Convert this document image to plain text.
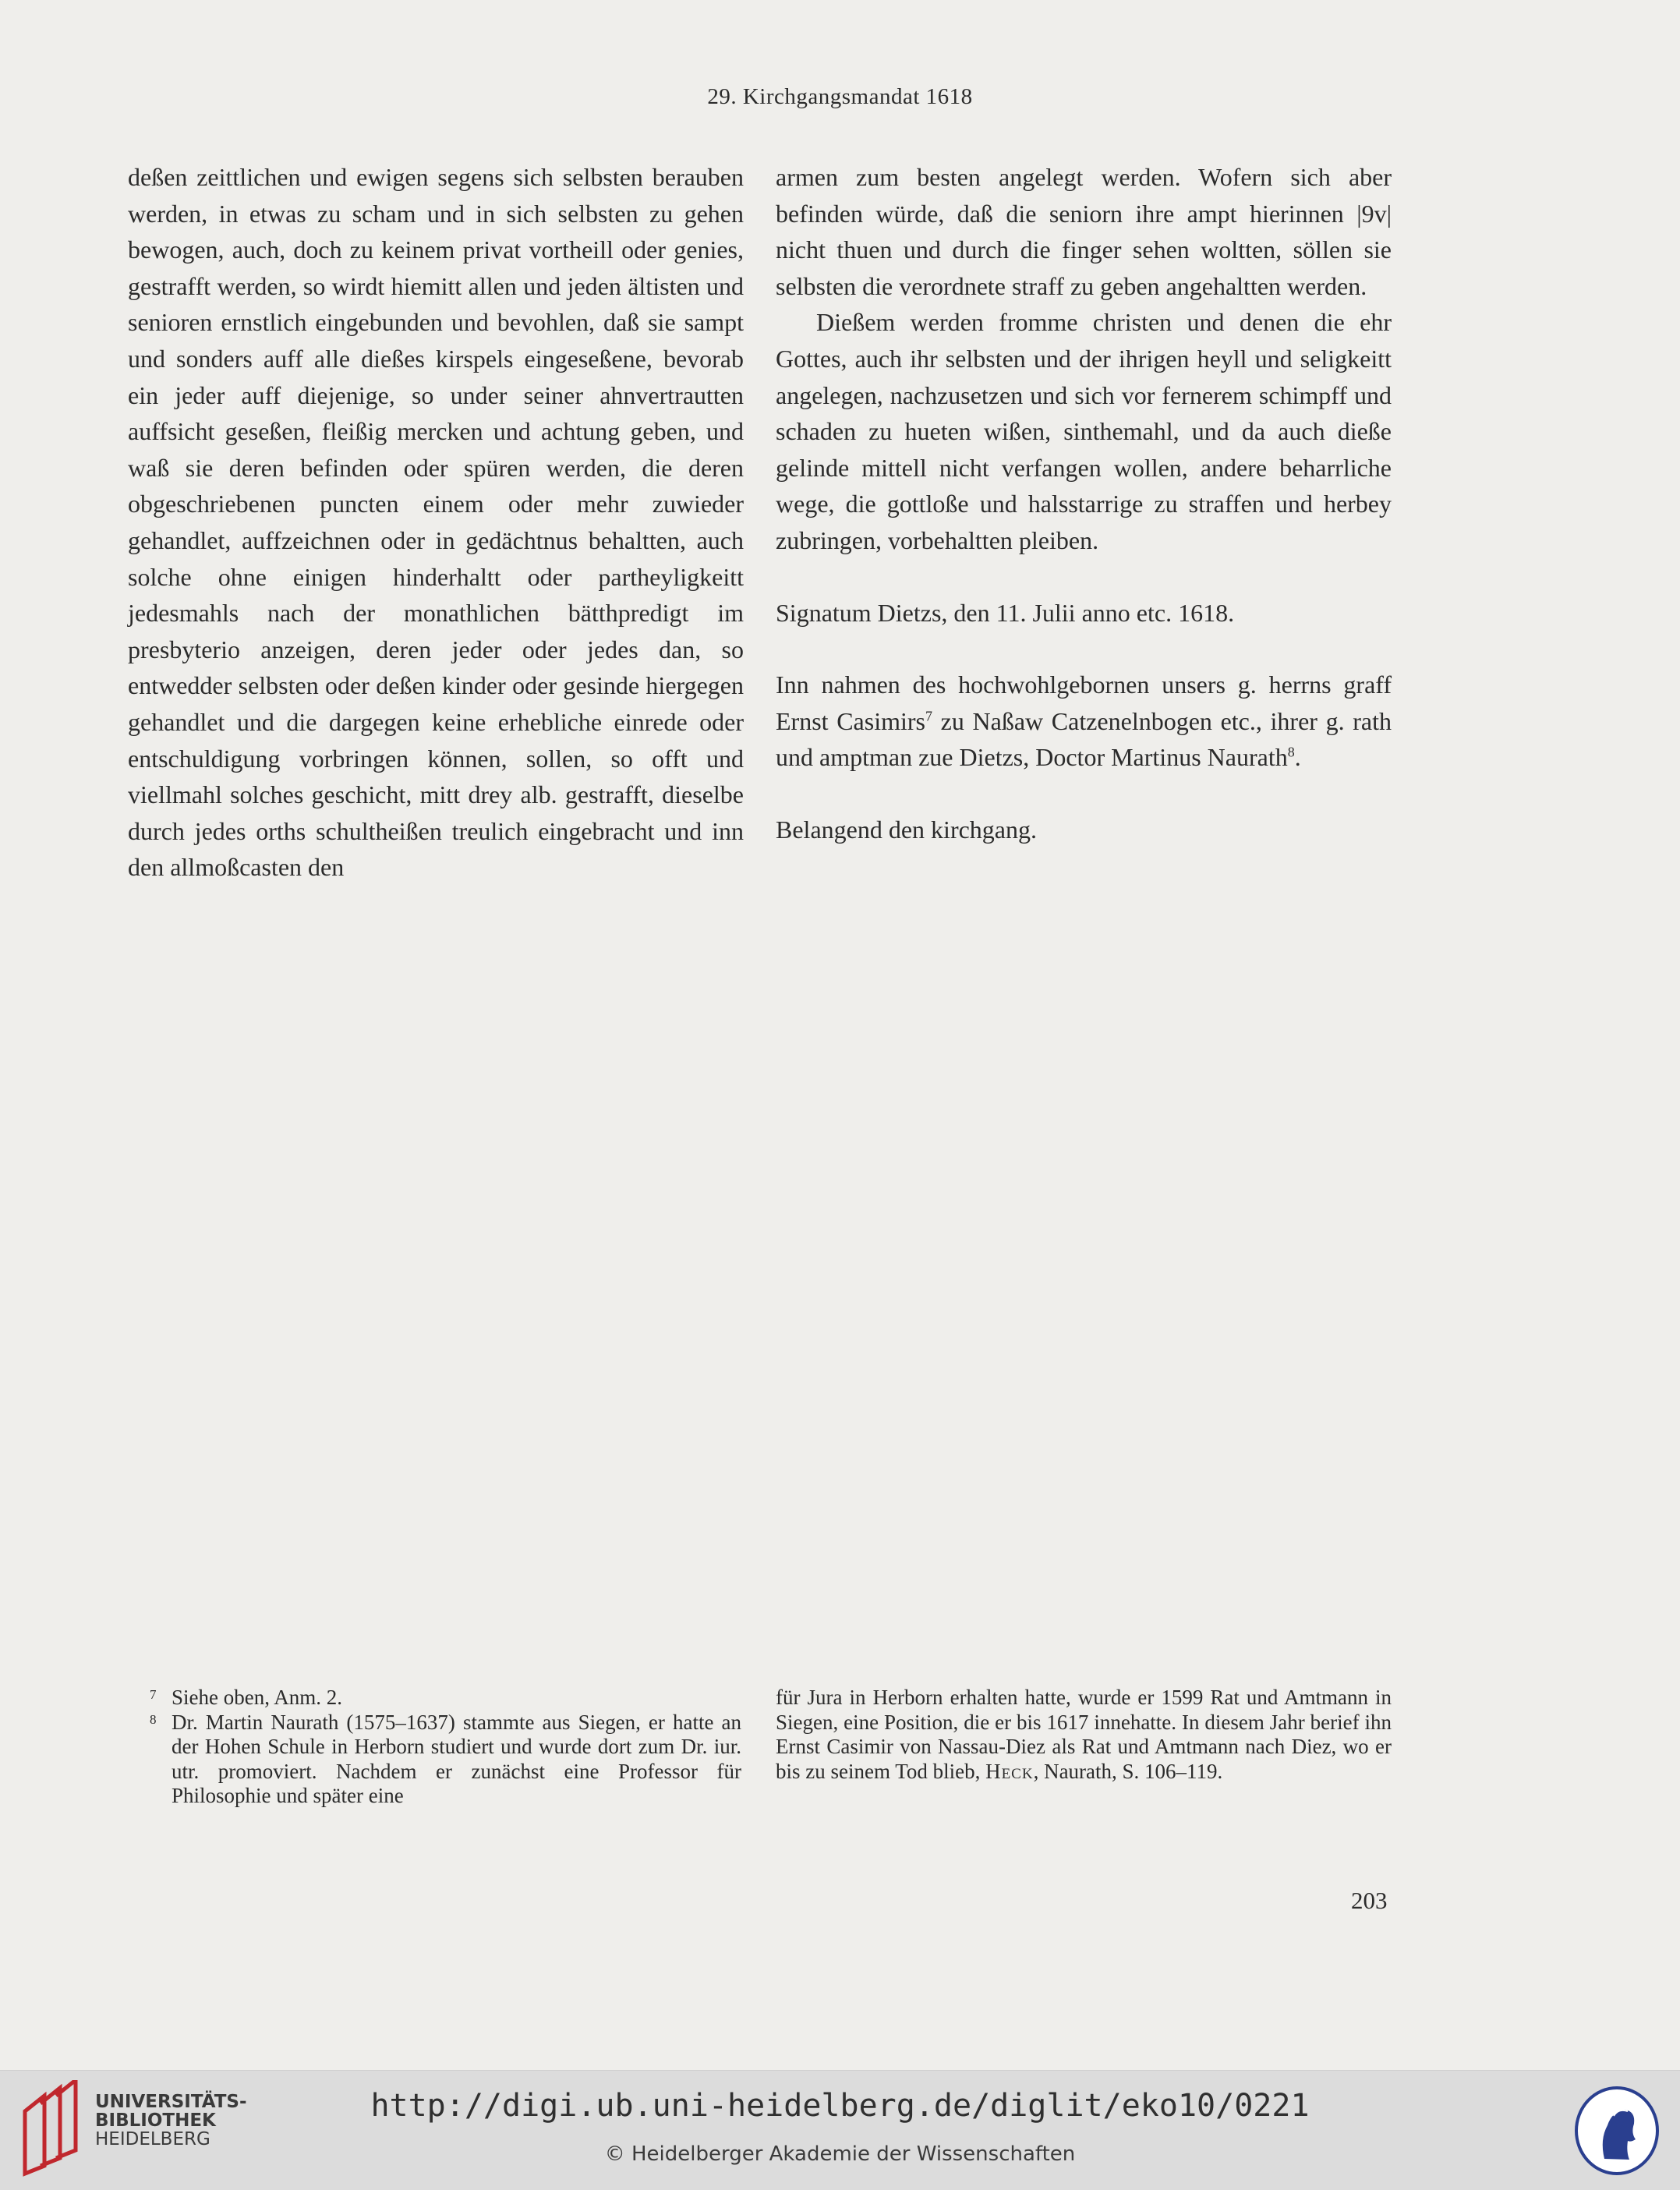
29. Kirchgangsmandat 1618

deßen zeittlichen und ewigen segens sich selbsten berauben werden, in etwas zu scham und in sich selbsten zu gehen bewogen, auch, doch zu keinem privat vortheill oder genies, gestrafft werden, so wirdt hiemitt allen und jeden ältisten und senioren ernstlich eingebunden und bevohlen, daß sie sampt und sonders auff alle dießes kirspels eingeseßene, bevorab ein jeder auff diejenige, so under seiner ahnvertrautten auffsicht geseßen, fleißig mercken und achtung geben, und waß sie deren befinden oder spüren werden, die deren obgeschriebenen puncten einem oder mehr zuwieder gehandlet, auffzeichnen oder in gedächtnus behaltten, auch solche ohne einigen hinderhaltt oder partheyligkeitt jedesmahls nach der monathlichen bätthpredigt im presbyterio anzeigen, deren jeder oder jedes dan, so entwedder selbsten oder deßen kinder oder gesinde hiergegen gehandlet und die dargegen keine erhebliche einrede oder entschuldigung vorbringen können, sollen, so offt und viellmahl solches geschicht, mitt drey alb. gestrafft, dieselbe durch jedes orths schultheißen treulich eingebracht und inn den allmoßcasten den

armen zum besten angelegt werden. Wofern sich aber befinden würde, daß die seniorn ihre ampt hierinnen |9v| nicht thuen und durch die finger sehen woltten, söllen sie selbsten die verordnete straff zu geben angehaltten werden.

Dießem werden fromme christen und denen die ehr Gottes, auch ihr selbsten und der ihrigen heyll und seligkeitt angelegen, nachzusetzen und sich vor fernerem schimpff und schaden zu hueten wißen, sinthemahl, und da auch dieße gelinde mittell nicht verfangen wollen, andere beharrliche wege, die gottloße und halsstarrige zu straffen und herbey zubringen, vorbehaltten pleiben.

Signatum Dietzs, den 11. Julii anno etc. 1618.

Inn nahmen des hochwohlgebornen unsers g. herrns graff Ernst Casimirs$^7$ zu Naßaw Catzenelnbogen etc., ihrer g. rath und amptman zue Dietzs, Doctor Martinus Naurath$^8$.

Belangend den kirchgang.

7 Siehe oben, Anm. 2.
8 Dr. Martin Naurath (1575–1637) stammte aus Siegen, er hatte an der Hohen Schule in Herborn studiert und wurde dort zum Dr. iur. utr. promoviert. Nachdem er zunächst eine Professor für Philosophie und später eine

für Jura in Herborn erhalten hatte, wurde er 1599 Rat und Amtmann in Siegen, eine Position, die er bis 1617 innehatte. In diesem Jahr berief ihn Ernst Casimir von Nassau-Diez als Rat und Amtmann nach Diez, wo er bis zu seinem Tod blieb, Heck, Naurath, S. 106–119.

203
UNIVERSITÄTS-
BIBLIOTHEK
HEIDELBERG
http://digi.ub.uni-heidelberg.de/diglit/eko10/0221
© Heidelberger Akademie der Wissenschaften
